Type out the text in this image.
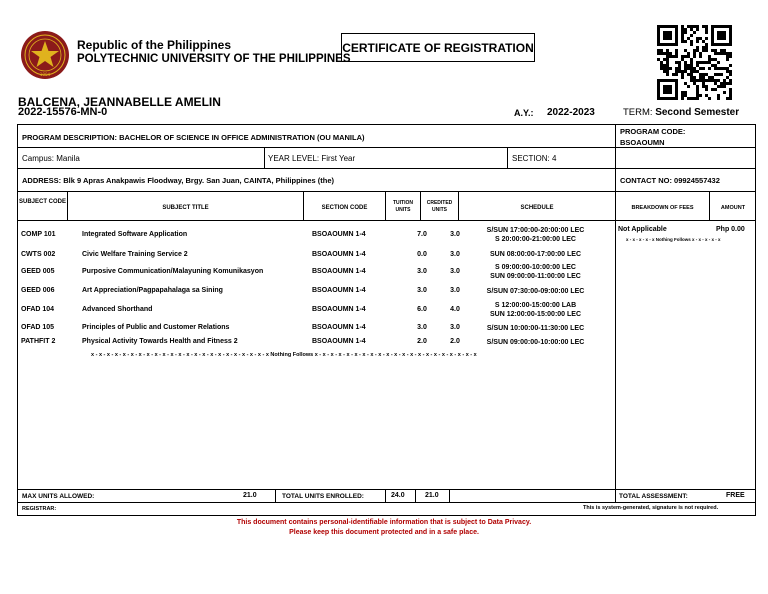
1904
Republic of the Philippines
POLYTECHNIC UNIVERSITY OF THE PHILIPPINES
CERTIFICATE OF REGISTRATION
BALCENA, JEANNABELLE AMELIN
2022-15576-MN-0	A.Y.: 2022-2023	TERM: Second Semester
PROGRAM DESCRIPTION: BACHELOR OF SCIENCE IN OFFICE ADMINISTRATION (OU MANILA)
PROGRAM CODE:
BSOAOUMN
Campus: Manila	YEAR LEVEL: First Year	SECTION: 4
ADDRESS: Blk 9 Apras Anakpawis Floodway, Brgy. San Juan, CAINTA, Philippines (the)	CONTACT NO: 09924557432
SUBJECT CODE
SUBJECT TITLE	SECTION CODE
TUITION UNITS
CREDITED UNITS	SCHEDULE	BREAKDOWN OF FEES	AMOUNT
COMP 101	Integrated Software Application	BSOAOUMN 1-4	7.0	3.0
S/SUN 17:00:00-20:00:00 LEC
S 20:00:00-21:00:00 LEC
CWTS 002	Civic Welfare Training Service 2	BSOAOUMN 1-4	0.0	3.0	SUN 08:00:00-17:00:00 LEC
GEED 005	Purposive Communication/Malayuning Komunikasyon	BSOAOUMN 1-4	3.0	3.0
S 09:00:00-10:00:00 LEC
SUN 09:00:00-11:00:00 LEC
GEED 006	Art Appreciation/Pagpapahalaga sa Sining	BSOAOUMN 1-4	3.0	3.0	S/SUN 07:30:00-09:00:00 LEC
OFAD 104	Advanced Shorthand	BSOAOUMN 1-4	6.0	4.0
S 12:00:00-15:00:00 LAB
SUN 12:00:00-15:00:00 LEC
OFAD 105	Principles of Public and Customer Relations	BSOAOUMN 1-4	3.0	3.0	S/SUN 10:00:00-11:30:00 LEC
PATHFIT 2	Physical Activity Towards Health and Fitness 2	BSOAOUMN 1-4	2.0	2.0	S/SUN 09:00:00-10:00:00 LEC
x - x - x - x - x - x - x - x - x - x - x - x - x - x - x - x - x - x - x - x - x - x - x Nothing Follows x - x - x - x - x - x - x - x - x - x - x - x - x - x - x - x - x - x - x - x - x
Not Applicable	Php 0.00
x - x - x - x - x Nothing Follows x - x - x - x - x
MAX UNITS ALLOWED:	21.0	TOTAL UNITS ENROLLED:	24.0	21.0	TOTAL ASSESSMENT:	FREE
REGISTRAR:	This is system-generated, signature is not required.
This document contains personal-identifiable information that is subject to Data Privacy.
Please keep this document protected and in a safe place.
